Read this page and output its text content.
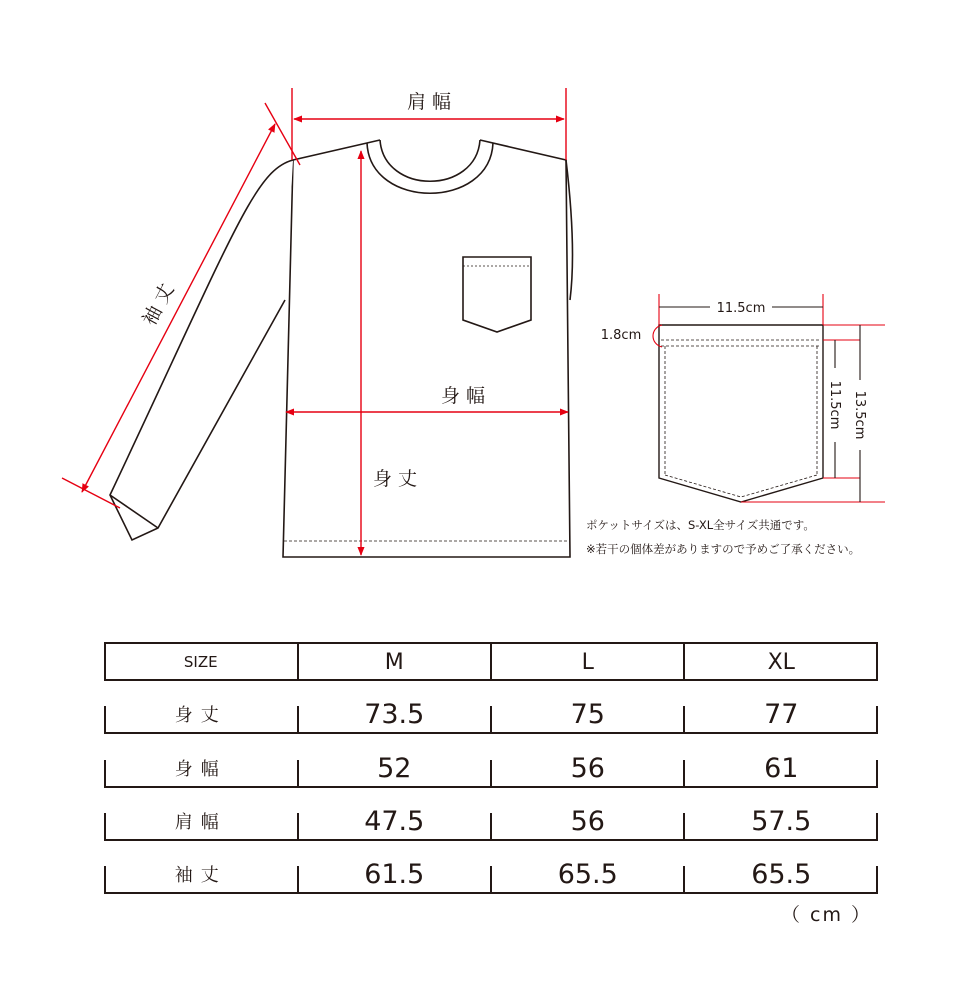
肩幅
身幅
身丈
袖丈	11.5cm
1.8cm
11.5cm 13.5cm
ポケットサイズは、S-XL全サイズ共通です。
※若干の個体差がありますので予めご了承ください。
SIZE	M	L	XL
身丈	73.5	75	77
身幅	52	56	61
肩幅	47.5	56	57.5
袖丈	61.5	65.5	65.5
（ cm ）
